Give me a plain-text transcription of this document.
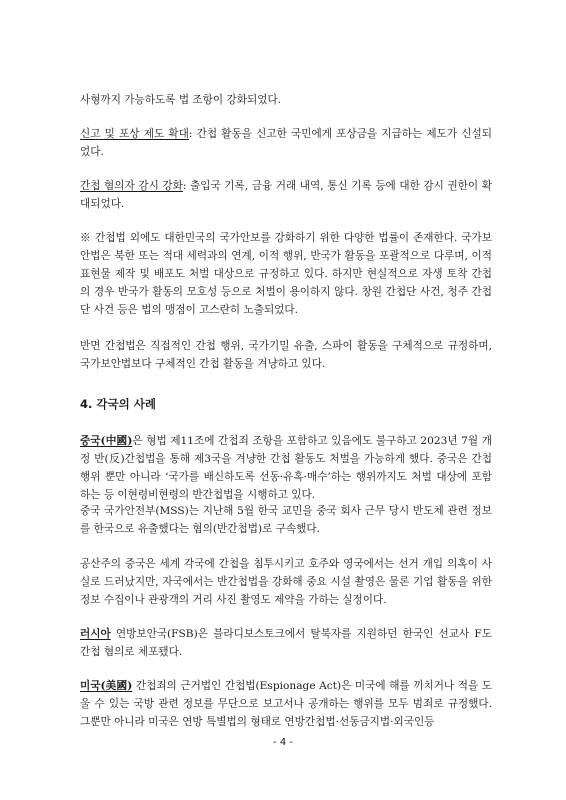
사형까지 가능하도록 법 조항이 강화되었다.

신고 및 포상 제도 확대: 간첩 활동을 신고한 국민에게 포상금을 지급하는 제도가 신설되었다.

간첩 혐의자 감시 강화: 출입국 기록, 금융 거래 내역, 통신 기록 등에 대한 감시 권한이 확대되었다.

※ 간첩법 외에도 대한민국의 국가안보를 강화하기 위한 다양한 법률이 존재한다. 국가보안법은 북한 또는 적대 세력과의 연계, 이적 행위, 반국가 활동을 포괄적으로 다루며, 이적 표현물 제작 및 배포도 처벌 대상으로 규정하고 있다. 하지만 현실적으로 자생 토착 간첩의 경우 반국가 활동의 모호성 등으로 처벌이 용이하지 않다. 창원 간첩단 사건, 청주 간첩단 사건 등은 법의 맹점이 고스란히 노출되었다.

반면 간첩법은 직접적인 간첩 행위, 국가기밀 유출, 스파이 활동을 구체적으로 규정하며, 국가보안법보다 구체적인 간첩 활동을 겨냥하고 있다.

4. 각국의 사례

중국(中國)은 형법 제11조에 간첩죄 조항을 포함하고 있음에도 불구하고 2023년 7월 개정 반(反)간첩법을 통해 제3국을 겨냥한 간첩 활동도 처벌을 가능하게 했다. 중국은 간첩행위 뿐만 아니라 ‘국가를 배신하도록 선동·유혹·매수’하는 행위까지도 처벌 대상에 포함하는 등 이현령비현령의 반간첩법을 시행하고 있다.

중국 국가안전부(MSS)는 지난해 5월 한국 교민을 중국 회사 근무 당시 반도체 관련 정보를 한국으로 유출했다는 혐의(반간첩법)로 구속했다.

공산주의 중국은 세계 각국에 간첩을 침투시키고 호주와 영국에서는 선거 개입 의혹이 사실로 드러났지만, 자국에서는 반간첩법을 강화해 중요 시설 촬영은 물론 기업 활동을 위한 정보 수집이나 관광객의 거리 사진 촬영도 제약을 가하는 실정이다.

러시아 연방보안국(FSB)은 블라디보스토크에서 탈북자를 지원하던 한국인 선교사 F도 간첩 혐의로 체포됐다.

미국(美國) 간첩죄의 근거법인 간첩법(Espionage Act)은 미국에 해를 끼치거나 적을 도울 수 있는 국방 관련 정보를 무단으로 보고서나 공개하는 행위를 모두 범죄로 규정했다. 그뿐만 아니라 미국은 연방 특별법의 형태로 연방간첩법·선동금지법·외국인등

- 4 -
